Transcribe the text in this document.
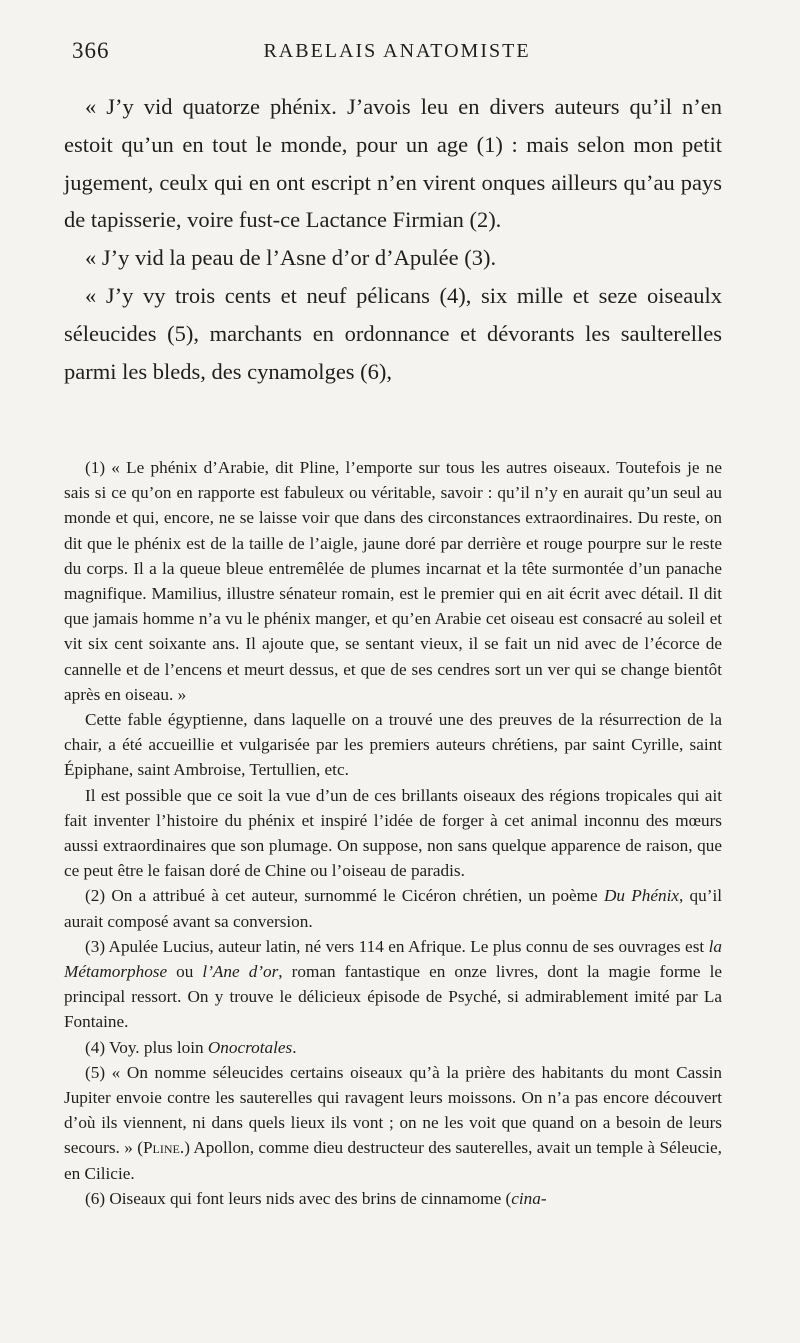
366	RABELAIS ANATOMISTE

« J’y vid quatorze phénix. J’avois leu en divers auteurs qu’il n’en estoit qu’un en tout le monde, pour un age (1) : mais selon mon petit jugement, ceulx qui en ont escript n’en virent onques ailleurs qu’au pays de tapisserie, voire fust-ce Lactance Firmian (2).

« J’y vid la peau de l’Asne d’or d’Apulée (3).

« J’y vy trois cents et neuf pélicans (4), six mille et seze oiseaulx séleucides (5), marchants en ordonnance et dévorants les saulterelles parmi les bleds, des cynamolges (6),

(1) « Le phénix d’Arabie, dit Pline, l’emporte sur tous les autres oiseaux. Toutefois je ne sais si ce qu’on en rapporte est fabuleux ou véritable, savoir : qu’il n’y en aurait qu’un seul au monde et qui, encore, ne se laisse voir que dans des circonstances extraordinaires. Du reste, on dit que le phénix est de la taille de l’aigle, jaune doré par derrière et rouge pourpre sur le reste du corps. Il a la queue bleue entremêlée de plumes incarnat et la tête surmontée d’un panache magnifique. Mamilius, illustre sénateur romain, est le premier qui en ait écrit avec détail. Il dit que jamais homme n’a vu le phénix manger, et qu’en Arabie cet oiseau est consacré au soleil et vit six cent soixante ans. Il ajoute que, se sentant vieux, il se fait un nid avec de l’écorce de cannelle et de l’encens et meurt dessus, et que de ses cendres sort un ver qui se change bientôt après en oiseau. »

Cette fable égyptienne, dans laquelle on a trouvé une des preuves de la résurrection de la chair, a été accueillie et vulgarisée par les premiers auteurs chrétiens, par saint Cyrille, saint Épiphane, saint Ambroise, Tertullien, etc.

Il est possible que ce soit la vue d’un de ces brillants oiseaux des régions tropicales qui ait fait inventer l’histoire du phénix et inspiré l’idée de forger à cet animal inconnu des mœurs aussi extraordinaires que son plumage. On suppose, non sans quelque apparence de raison, que ce peut être le faisan doré de Chine ou l’oiseau de paradis.

(2) On a attribué à cet auteur, surnommé le Cicéron chrétien, un poème Du Phénix, qu’il aurait composé avant sa conversion.

(3) Apulée Lucius, auteur latin, né vers 114 en Afrique. Le plus connu de ses ouvrages est la Métamorphose ou l’Ane d’or, roman fantastique en onze livres, dont la magie forme le principal ressort. On y trouve le délicieux épisode de Psyché, si admirablement imité par La Fontaine.

(4) Voy. plus loin Onocrotales.

(5) « On nomme séleucides certains oiseaux qu’à la prière des habitants du mont Cassin Jupiter envoie contre les sauterelles qui ravagent leurs moissons. On n’a pas encore découvert d’où ils viennent, ni dans quels lieux ils vont ; on ne les voit que quand on a besoin de leurs secours. » (Pline.) Apollon, comme dieu destructeur des sauterelles, avait un temple à Séleucie, en Cilicie.

(6) Oiseaux qui font leurs nids avec des brins de cinnamome (cina-
